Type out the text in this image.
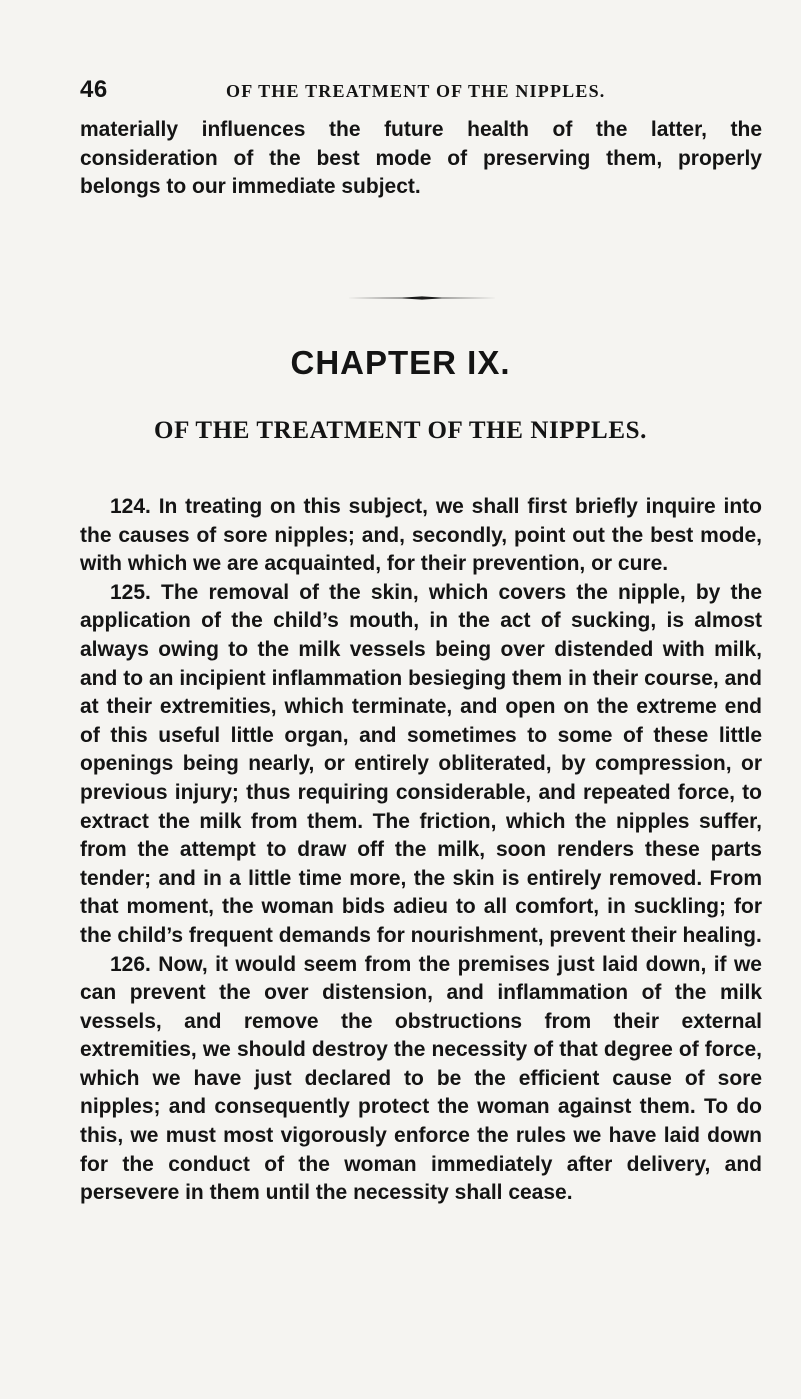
46	OF THE TREATMENT OF THE NIPPLES.
materially influences the future health of the latter, the consideration of the best mode of preserving them, properly belongs to our immediate subject.
CHAPTER IX.
OF THE TREATMENT OF THE NIPPLES.

124. In treating on this subject, we shall first briefly inquire into the causes of sore nipples; and, secondly, point out the best mode, with which we are acquainted, for their prevention, or cure.

125. The removal of the skin, which covers the nipple, by the application of the child’s mouth, in the act of sucking, is almost always owing to the milk vessels being over distended with milk, and to an incipient inflammation besieging them in their course, and at their extremities, which terminate, and open on the extreme end of this useful little organ, and sometimes to some of these little openings being nearly, or entirely obliterated, by compression, or previous injury; thus requiring considerable, and repeated force, to extract the milk from them. The friction, which the nipples suffer, from the attempt to draw off the milk, soon renders these parts tender; and in a little time more, the skin is entirely removed. From that moment, the woman bids adieu to all comfort, in suckling; for the child’s frequent demands for nourishment, prevent their healing.

126. Now, it would seem from the premises just laid down, if we can prevent the over distension, and inflammation of the milk vessels, and remove the obstructions from their external extremities, we should destroy the necessity of that degree of force, which we have just declared to be the efficient cause of sore nipples; and consequently protect the woman against them. To do this, we must most vigorously enforce the rules we have laid down for the conduct of the woman immediately after delivery, and persevere in them until the necessity shall cease.
